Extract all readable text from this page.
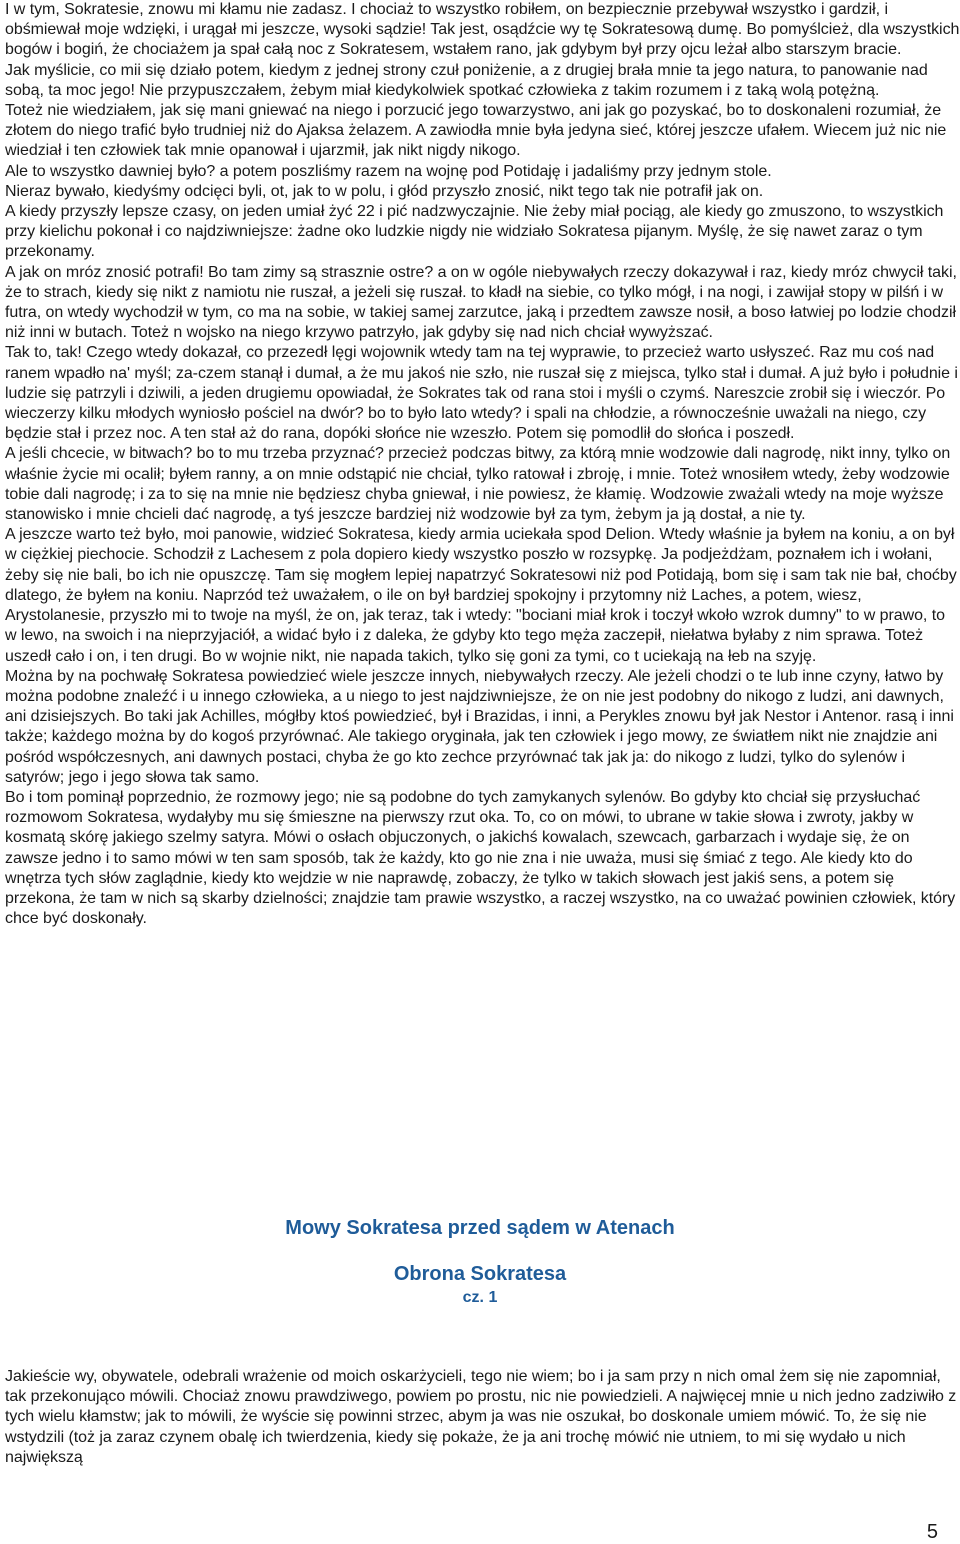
I w tym, Sokratesie, znowu mi kłamu nie zadasz. I chociaż to wszystko robiłem, on bezpiecznie przebywał wszystko i gardził, i obśmiewał moje wdzięki, i urągał mi jeszcze, wysoki sądzie! Tak jest, osądźcie wy tę Sokratesową dumę. Bo pomyślcież, dla wszystkich bogów i bogiń, że chociażem ja spał całą noc z Sokratesem, wstałem rano, jak gdybym był przy ojcu leżał albo starszym bracie.

Jak myślicie, co mii się działo potem, kiedym z jednej strony czuł poniżenie, a z drugiej brała mnie ta jego natura, to panowanie nad sobą, ta moc jego! Nie przypuszczałem, żebym miał kiedykolwiek spotkać człowieka z takim rozumem i z taką wolą potężną.

Toteż nie wiedziałem, jak się mani gniewać na niego i porzucić jego towarzystwo, ani jak go pozyskać, bo to doskonaleni rozumiał, że złotem do niego trafić było trudniej niż do Ajaksa żelazem. A zawiodła mnie była jedyna sieć, której jeszcze ufałem. Wiecem już nic nie wiedział i ten człowiek tak mnie opanował i ujarzmił, jak nikt nigdy nikogo.

Ale to wszystko dawniej było? a potem poszliśmy razem na wojnę pod Potidaję i jadaliśmy przy jednym stole.

Nieraz bywało, kiedyśmy odcięci byli, ot, jak to w polu, i głód przyszło znosić, nikt tego tak nie potrafił jak on.

A kiedy przyszły lepsze czasy, on jeden umiał żyć 22 i pić nadzwyczajnie. Nie żeby miał pociąg, ale kiedy go zmuszono, to wszystkich przy kielichu pokonał i co najdziwniejsze: żadne oko ludzkie nigdy nie widziało Sokratesa pijanym. Myślę, że się nawet zaraz o tym przekonamy.

A jak on mróz znosić potrafi! Bo tam zimy są strasznie ostre? a on w ogóle niebywałych rzeczy dokazywał i raz, kiedy mróz chwycił taki, że to strach, kiedy się nikt z namiotu nie ruszał, a jeżeli się ruszał. to kładł na siebie, co tylko mógł, i na nogi, i zawijał stopy w pilśń i w futra, on wtedy wychodził w tym, co ma na sobie, w takiej samej zarzutce, jaką i przedtem zawsze nosił, a boso łatwiej po lodzie chodził niż inni w butach. Toteż n wojsko na niego krzywo patrzyło, jak gdyby się nad nich chciał wywyższać.

Tak to, tak! Czego wtedy dokazał, co przezedł lęgi wojownik wtedy tam na tej wyprawie, to przecież warto usłyszeć. Raz mu coś nad ranem wpadło na' myśl; za-czem stanął i dumał, a że mu jakoś nie szło, nie ruszał się z miejsca, tylko stał i dumał. A już było i południe i ludzie się patrzyli i dziwili, a jeden drugiemu opowiadał, że Sokrates tak od rana stoi i myśli o czymś. Nareszcie zrobił się i wieczór. Po wieczerzy kilku młodych wyniosło pościel na dwór? bo to było lato wtedy? i spali na chłodzie, a równocześnie uważali na niego, czy będzie stał i przez noc. A ten stał aż do rana, dopóki słońce nie wzeszło. Potem się pomodlił do słońca i poszedł.

A jeśli chcecie, w bitwach? bo to mu trzeba przyznać? przecież podczas bitwy, za którą mnie wodzowie dali nagrodę, nikt inny, tylko on właśnie życie mi ocalił; byłem ranny, a on mnie odstąpić nie chciał, tylko ratował i zbroję, i mnie. Toteż wnosiłem wtedy, żeby wodzowie tobie dali nagrodę; i za to się na mnie nie będziesz chyba gniewał, i nie powiesz, że kłamię. Wodzowie zważali wtedy na moje wyższe stanowisko i mnie chcieli dać nagrodę, a tyś jeszcze bardziej niż wodzowie był za tym, żebym ja ją dostał, a nie ty.

A jeszcze warto też było, moi panowie, widzieć Sokratesa, kiedy armia uciekała spod Delion. Wtedy właśnie ja byłem na koniu, a on był w ciężkiej piechocie. Schodził z Lachesem z pola dopiero kiedy wszystko poszło w rozsypkę. Ja podjeżdżam, poznałem ich i wołani, żeby się nie bali, bo ich nie opuszczę. Tam się mogłem lepiej napatrzyć Sokratesowi niż pod Potidają, bom się i sam tak nie bał, choćby dlatego, że byłem na koniu. Naprzód też uważałem, o ile on był bardziej spokojny i przytomny niż Laches, a potem, wiesz, Arystolanesie, przyszło mi to twoje na myśl, że on, jak teraz, tak i wtedy: "bociani miał krok i toczył wkoło wzrok dumny" to w prawo, to w lewo, na swoich i na nieprzyjaciół, a widać było i z daleka, że gdyby kto tego męża zaczepił, niełatwa byłaby z nim sprawa. Toteż uszedł cało i on, i ten drugi. Bo w wojnie nikt, nie napada takich, tylko się goni za tymi, co t uciekają na łeb na szyję.

Można by na pochwałę Sokratesa powiedzieć wiele jeszcze innych, niebywałych rzeczy. Ale jeżeli chodzi o te lub inne czyny, łatwo by można podobne znaleźć i u innego człowieka, a u niego to jest najdziwniejsze, że on nie jest podobny do nikogo z ludzi, ani dawnych, ani dzisiejszych. Bo taki jak Achilles, mógłby ktoś powiedzieć, był i Brazidas, i inni, a Perykles znowu był jak Nestor i Antenor. rasą i inni także; każdego można by do kogoś przyrównać. Ale takiego oryginała, jak ten człowiek i jego mowy, ze światłem nikt nie znajdzie ani pośród współczesnych, ani dawnych postaci, chyba że go kto zechce przyrównać tak jak ja: do nikogo z ludzi, tylko do sylenów i satyrów; jego i jego słowa tak samo.

Bo i tom pominął poprzednio, że rozmowy jego; nie są podobne do tych zamykanych sylenów. Bo gdyby kto chciał się przysłuchać rozmowom Sokratesa, wydałyby mu się śmieszne na pierwszy rzut oka. To, co on mówi, to ubrane w takie słowa i zwroty, jakby w kosmatą skórę jakiego szelmy satyra. Mówi o osłach objuczonych, o jakichś kowalach, szewcach, garbarzach i wydaje się, że on zawsze jedno i to samo mówi w ten sam sposób, tak że każdy, kto go nie zna i nie uważa, musi się śmiać z tego. Ale kiedy kto do wnętrza tych słów zaglądnie, kiedy kto wejdzie w nie naprawdę, zobaczy, że tylko w takich słowach jest jakiś sens, a potem się przekona, że tam w nich są skarby dzielności; znajdzie tam prawie wszystko, a raczej wszystko, na co uważać powinien człowiek, który chce być doskonały.

Mowy Sokratesa przed sądem w Atenach
Obrona Sokratesa
cz. 1

Jakieście wy, obywatele, odebrali wrażenie od moich oskarżycieli, tego nie wiem; bo i ja sam przy n nich omal żem się nie zapomniał, tak przekonująco mówili. Chociaż znowu prawdziwego, powiem po prostu, nic nie powiedzieli. A najwięcej mnie u nich jedno zadziwiło z tych wielu kłamstw; jak to mówili, że wyście się powinni strzec, abym ja was nie oszukał, bo doskonale umiem mówić. To, że się nie wstydzili (toż ja zaraz czynem obalę ich twierdzenia, kiedy się pokaże, że ja ani trochę mówić nie utniem, to mi się wydało u nich największą

5
